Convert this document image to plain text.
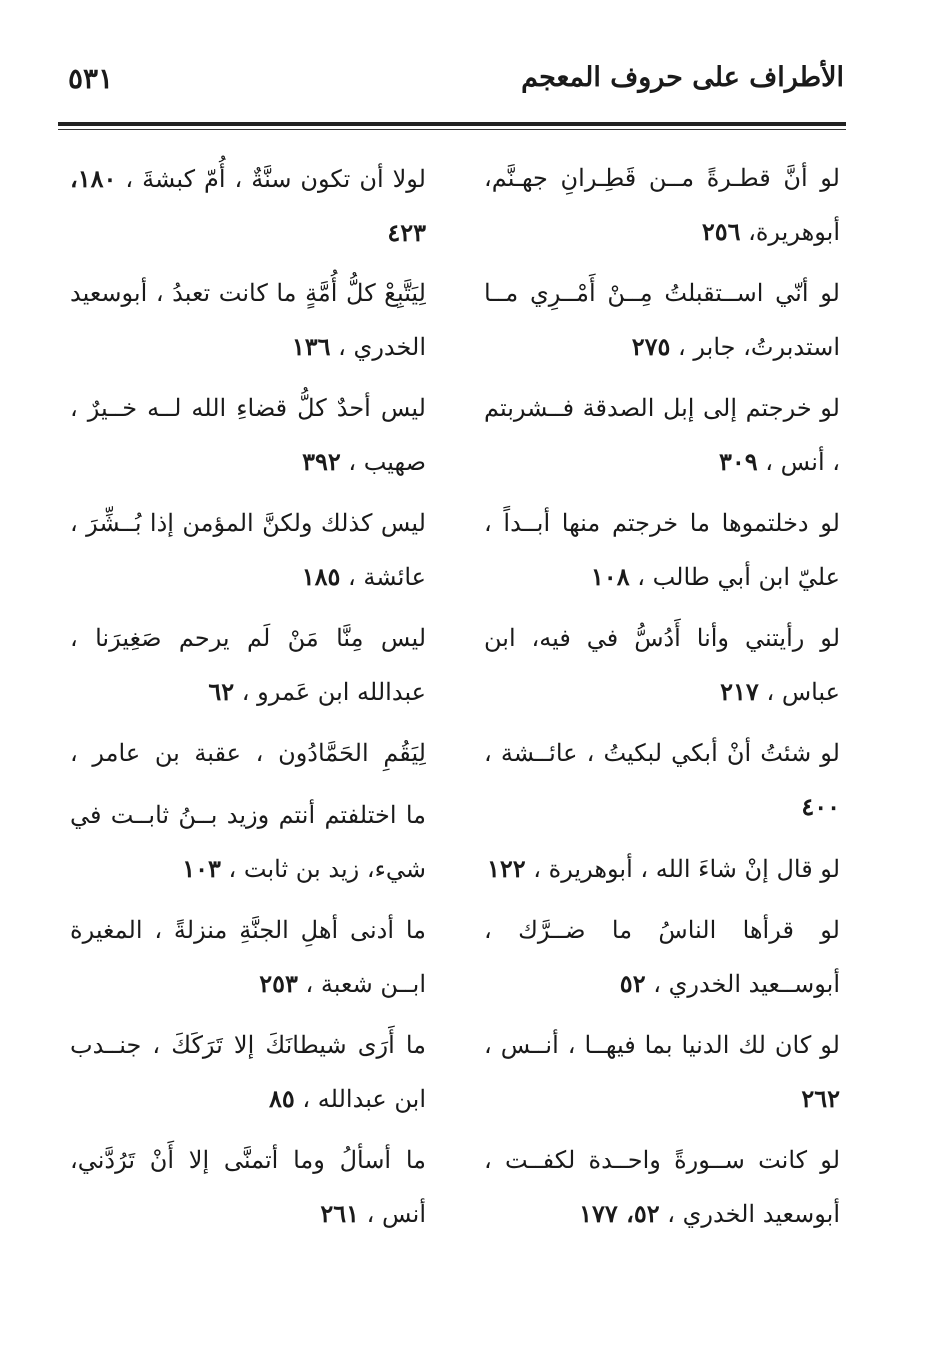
الأطراف على حروف المعجم
٥٣١
لو أنَّ قطـرةً مــن قَطِـرانِ جهـنَّم، أبوهريرة، ٢٥٦
لو أنّي اســتقبلتُ مِــنْ أَمْــرِي مــا استدبرتُ، جابر ، ٢٧٥
لو خرجتم إلى إبل الصدقة فــشربتم ، أنس ، ٣٠٩
لو دخلتموها ما خرجتم منها أبــداً ، عليّ ابن أبي طالب ، ١٠٨
لو رأيتني وأنا أَدُسُّ في فيه، ابن عباس ، ٢١٧
لو شئتُ أنْ أبكي لبكيتُ ، عائــشة ، ٤٠٠
لو قال إنْ شاءَ الله ، أبوهريرة ، ١٢٢
لو قرأها الناسُ ما ضــرَّك ، أبوســعيد الخدري ، ٥٢
لو كان لك الدنيا بما فيهــا ، أنــس ، ٢٦٢
لو كانت ســورةً واحــدة لكفــت ، أبوسعيد الخدري ، ٥٢، ١٧٧
لولا أن تكون سنَّةٌ ، أُمّ كبشةَ ، ١٨٠، ٤٢٣
لِيَتَّبِعْ كلُّ أُمَّةٍ ما كانت تعبدُ ، أبوسعيد الخدري ، ١٣٦
ليس أحدٌ كلُّ قضاءِ الله لــه خــيرٌ ، صهيب ، ٣٩٢
ليس كذلك ولكنَّ المؤمن إذا بُــشِّرَ ، عائشة ، ١٨٥
ليس مِنَّا مَنْ لَم يرحم صَغِيرَنا ، عبدالله ابن عَمرو ، ٦٢
لِيَقُمِ الحَمَّادُون ، عقبة بن عامر ،
ما اختلفتم أنتم وزيد بــنُ ثابــت في شيء، زيد بن ثابت ، ١٠٣
ما أدنى أهلِ الجنَّةِ منزلةً ، المغيرة ابــن شعبة ، ٢٥٣
ما أَرَى شيطانَكَ إلا تَرَكَكَ ، جنــدب ابن عبدالله ، ٨٥
ما أسألُ وما أتمنَّى إلا أَنْ تَرُدَّني، أنس ، ٢٦١
